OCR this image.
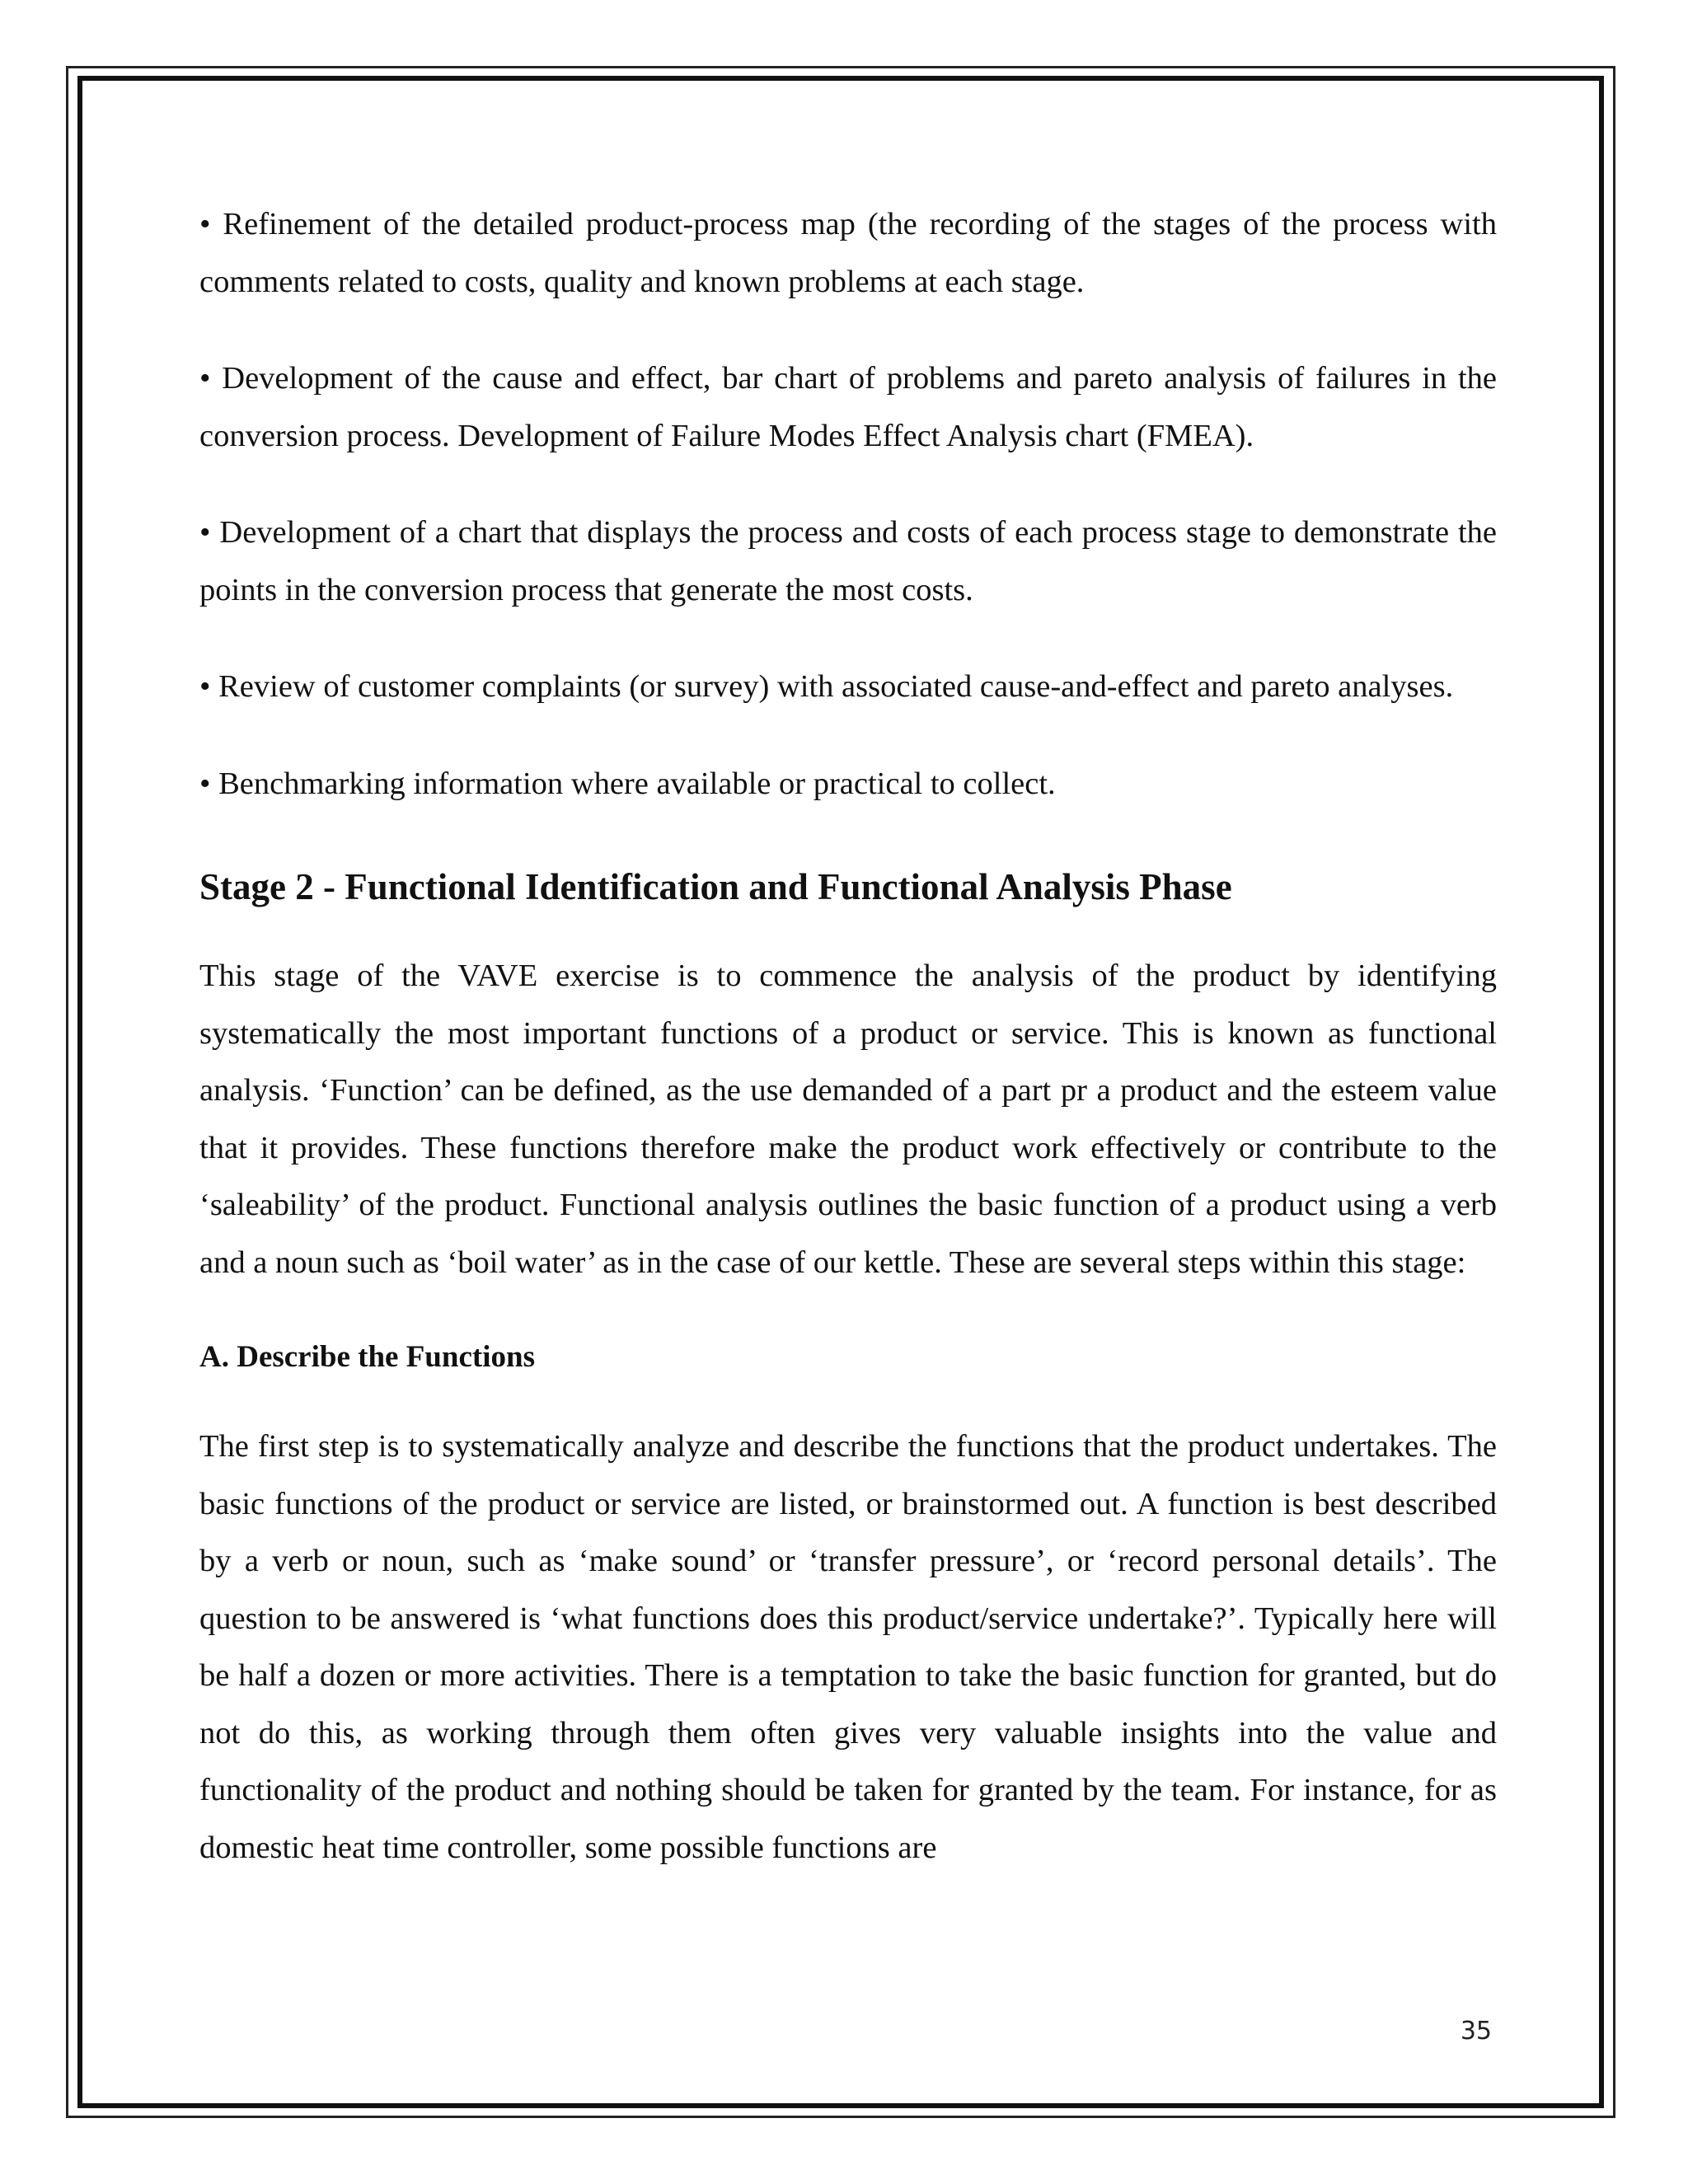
• Refinement of the detailed product-process map (the recording of the stages of the process with comments related to costs, quality and known problems at each stage.

• Development of the cause and effect, bar chart of problems and pareto analysis of failures in the conversion process. Development of Failure Modes Effect Analysis chart (FMEA).

• Development of a chart that displays the process and costs of each process stage to demonstrate the points in the conversion process that generate the most costs.

• Review of customer complaints (or survey) with associated cause-and-effect and pareto analyses.

• Benchmarking information where available or practical to collect.

Stage 2 - Functional Identification and Functional Analysis Phase

This stage of the VAVE exercise is to commence the analysis of the product by identifying systematically the most important functions of a product or service. This is known as functional analysis. ‘Function’ can be defined, as the use demanded of a part pr a product and the esteem value that it provides. These functions therefore make the product work effectively or contribute to the ‘saleability’ of the product. Functional analysis outlines the basic function of a product using a verb and a noun such as ‘boil water’ as in the case of our kettle. These are several steps within this stage:

A. Describe the Functions

The first step is to systematically analyze and describe the functions that the product undertakes. The basic functions of the product or service are listed, or brainstormed out. A function is best described by a verb or noun, such as ‘make sound’ or ‘transfer pressure’, or ‘record personal details’. The question to be answered is ‘what functions does this product/service undertake?’. Typically here will be half a dozen or more activities. There is a temptation to take the basic function for granted, but do not do this, as working through them often gives very valuable insights into the value and functionality of the product and nothing should be taken for granted by the team. For instance, for as domestic heat time controller, some possible functions are

35
